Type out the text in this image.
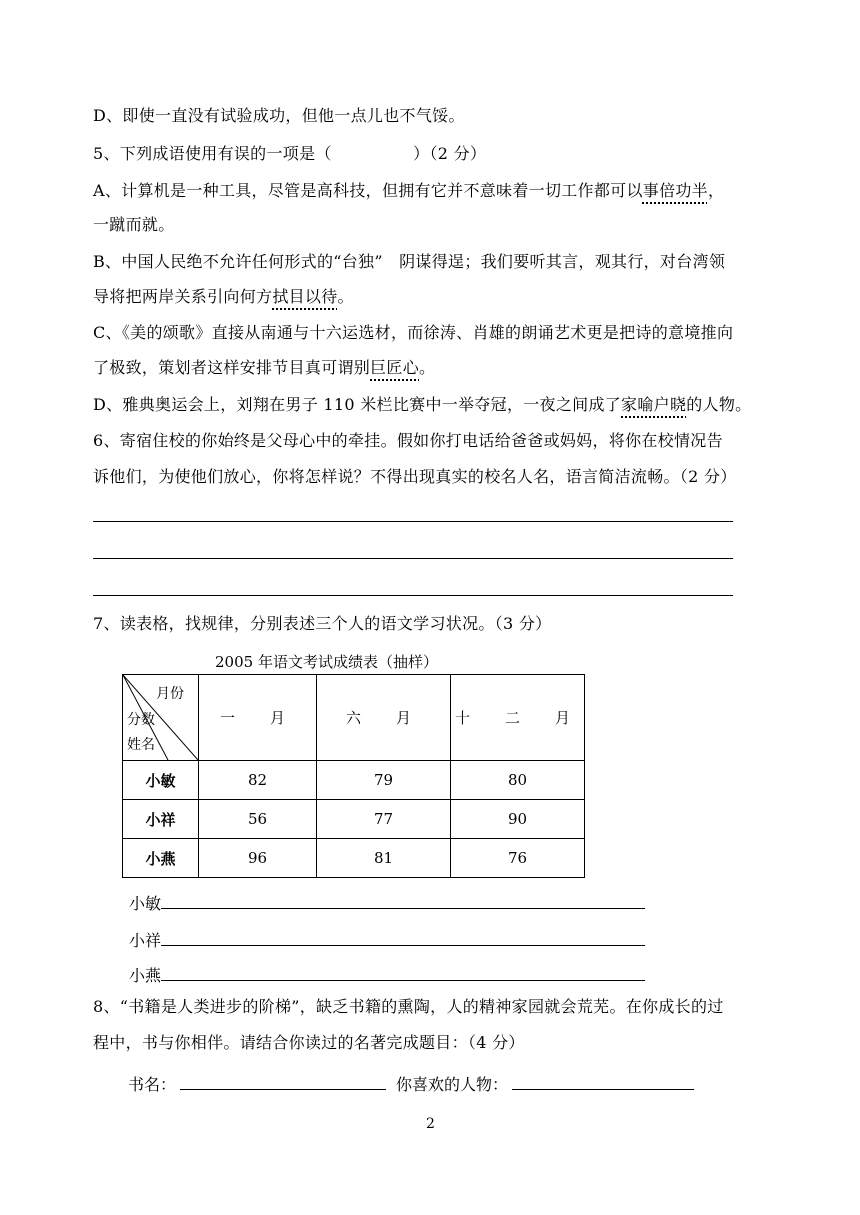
D、即使一直没有试验成功，但他一点儿也不气馁。
5、下列成语使用有误的一项是（　　　　　）（2 分）
A、计算机是一种工具，尽管是高科技，但拥有它并不意味着一切工作都可以事倍功半，
一蹴而就。
B、中国人民绝不允许任何形式的“台独”　阴谋得逞；我们要听其言，观其行，对台湾领
导将把两岸关系引向何方拭目以待。
C、《美的颂歌》直接从南通与十六运选材，而徐涛、肖雄的朗诵艺术更是把诗的意境推向
了极致，策划者这样安排节目真可谓别巨匠心。
D、雅典奥运会上，刘翔在男子 110 米栏比赛中一举夺冠，一夜之间成了家喻户晓的人物。
6、寄宿住校的你始终是父母心中的牵挂。假如你打电话给爸爸或妈妈，将你在校情况告
诉他们，为使他们放心，你将怎样说？不得出现真实的校名人名，语言简洁流畅。（2 分）
7、读表格，找规律，分别表述三个人的语文学习状况。（3 分）
2005 年语文考试成绩表（抽样）
月份
分数
姓名	一　月	六　月	十　二　月
小敏	82	79	80
小祥	56	77	90
小燕	96	81	76
小敏
小祥
小燕
8、“书籍是人类进步的阶梯”，缺乏书籍的熏陶，人的精神家园就会荒芜。在你成长的过
程中，书与你相伴。请结合你读过的名著完成题目：（4 分）
书名：	你喜欢的人物：
2
